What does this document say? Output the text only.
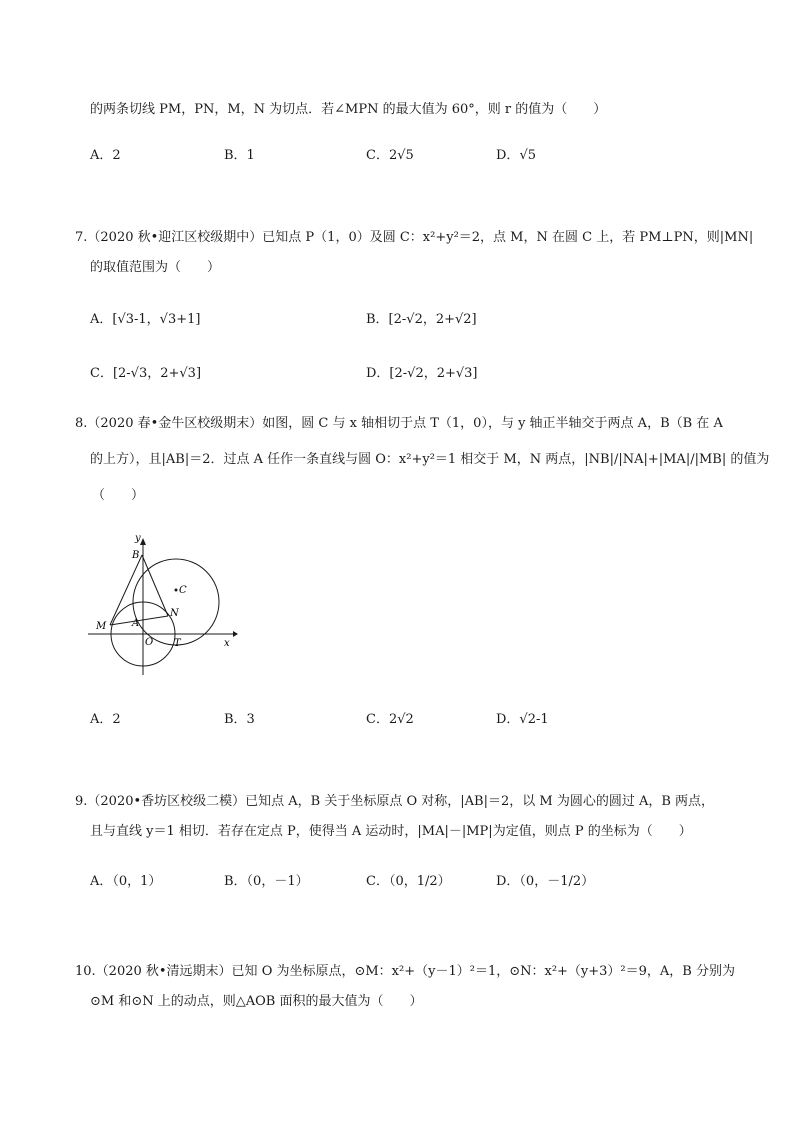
的两条切线 PM，PN，M，N 为切点．若∠MPN 的最大值为 60°，则 r 的值为（　　）
A．2	B．1	C．2√5	D．√5
7.（2020 秋•迎江区校级期中）已知点 P（1，0）及圆 C：x²+y²＝2，点 M，N 在圆 C 上，若 PM⊥PN，则|MN|
的取值范围为（　　）
A．[√3-1，√3+1]	B．[2-√2，2+√2]
C．[2-√3，2+√3]	D．[2-√2，2+√3]
8.（2020 春•金牛区校级期末）如图，圆 C 与 x 轴相切于点 T（1，0），与 y 轴正半轴交于两点 A，B（B 在 A
的上方），且|AB|＝2．过点 A 任作一条直线与圆 O：x²+y²＝1 相交于 M，N 两点，|NB|/|NA|+|MA|/|MB| 的值为
（　　）
y
B
C
N
M	A
O T	x
A．2	B．3	C．2√2	D．√2-1
9.（2020•香坊区校级二模）已知点 A，B 关于坐标原点 O 对称，|AB|＝2，以 M 为圆心的圆过 A，B 两点，
且与直线 y＝1 相切．若存在定点 P，使得当 A 运动时，|MA|－|MP|为定值，则点 P 的坐标为（　　）
A．（0，1）	B．（0，－1）	C．（0，1/2）	D．（0，－1/2）
10.（2020 秋•清远期末）已知 O 为坐标原点，⊙M：x²+（y－1）²＝1，⊙N：x²+（y+3）²＝9，A，B 分别为
⊙M 和⊙N 上的动点，则△AOB 面积的最大值为（　　）
